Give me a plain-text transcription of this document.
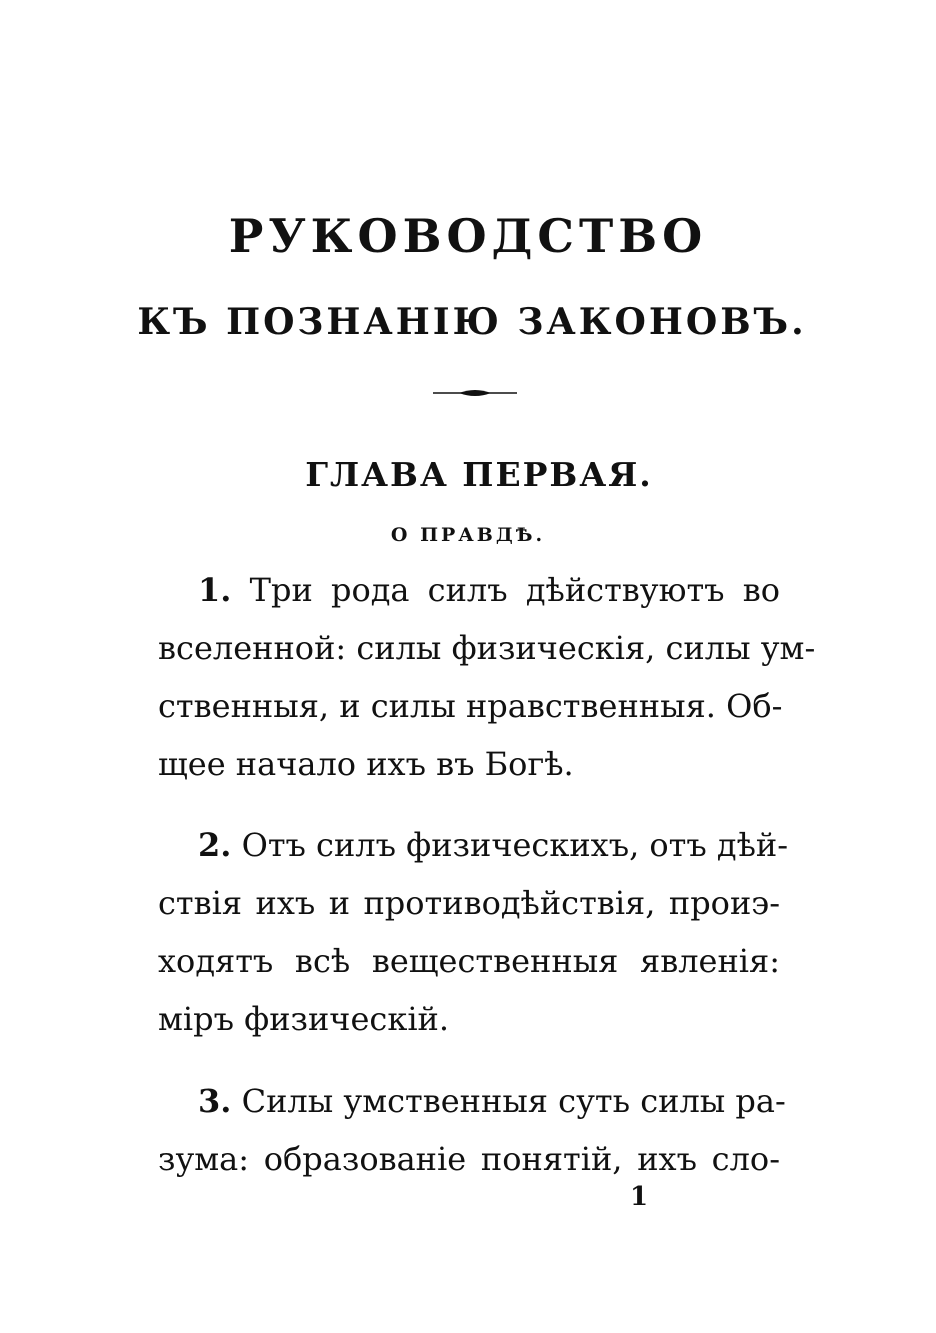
РУКОВОДСТВО
КЪ ПОЗНАНІЮ ЗАКОНОВЪ.
ГЛАВА ПЕРВАЯ.
О ПРАВДѢ.
1. Три рода силъ дѣйствуютъ во
вселенной: силы физическія, силы ум-
ственныя, и силы нравственныя. Об-
щее начало ихъ въ Богѣ.
2. Отъ силъ физическихъ, отъ дѣй-
ствія ихъ и противодѣйствія, проиэ-
ходятъ всѣ вещественныя явленія:
міръ физическій.
3. Силы умственныя суть силы ра-
зума: образованіе понятій, ихъ сло-
1
